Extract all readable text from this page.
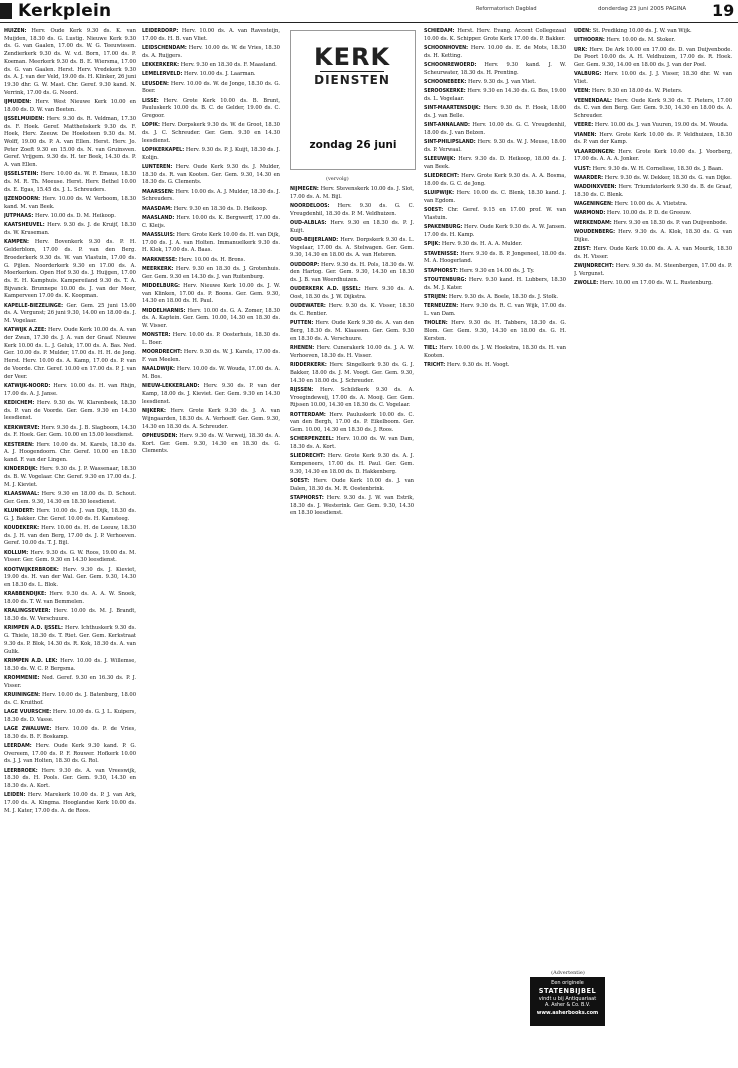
Kerkplein	Reformatorisch Dagblad	donderdag 23 juni 2005 PAGINA 19

HUIZEN: Herv. Oude Kerk 9.30 ds. K. van Muijden, 18.30 ds. G. Lustig. Nieuwe Kerk 9.30 ds. G. van Gaalen, 17.00 ds. W. G. Teeuwissen. Zendierkerk 9.30 ds. W. v.d. Born, 17.00 ds. P. Koeman. Meerkerk 9.30 ds. B. E. Wiersma, 17.00 ds. G. van Gaalen. Herst. Herv. Vredekerk 9.30 ds. A. J. van der Veld, 19.00 ds. H. Klinker, 26 juni 19.30 dhr. G. W. Mast. Chr. Geref. 9.30 kand. N. Verrink, 17.00 ds. G. Noord.

IJMUIDEN: Herv. West Nieuwe Kerk 10.00 en 18.00 ds. D. W. van Beeten.

IJSSELMUIDEN: Herv. 9.30 ds. R. Veldman, 17.30 ds. F. Hoek. Geref. Mattheüskerk 9.30 ds. F. Hoek, Herv. Zeeuw. De Hoeksteen 9.30 ds. M. Wolff, 19.00 ds. P. A. van Ellen. Herst. Herv. Jo. Peter Zoeft 9.30 en 15.00 ds. N. van Gruinsven. Geref. Vrijgem. 9.30 ds. H. ter Beek, 14.30 ds. P. A. van Ellen.

IJSSELSTEIN: Herv. 10.00 ds. W. F. Emaus, 18.30 ds. M. R. Th. Meeuse. Herst. Herv. Bethel 10.00 ds. E. Egas, 15.45 ds. J. L. Schreuders.

IJZENDOORN: Herv. 10.00 ds. W. Verboom, 18.30 kand. M. van Beek.

JUTPHAAS: Herv. 10.00 ds. D. M. Heikoop.

KAATSHEUVEL: Herv. 9.30 ds. J. de Kruijf, 18.30 ds. W. Kruseman.

KAMPEN: Herv. Bovenkerk 9.30 ds. P. H. Gelderblom, 17.00 ds. P. van den Berg. Broederkerk 9.30 ds. W. van Vlastuin, 17.00 ds. G. Pijlen. Noorderkerk 9.30 en 17.00 ds. A. Moerkerken. Open Hof 9.30 ds. J. Huijgen, 17.00 ds. E. H. Kamphuis. Kampereiland 9.30 ds. T. A. Bijvanck. Brunnepe 10.00 ds. J. van der Meer, Kamperveen 17.00 ds. K. Koopman.

KAPELLE-BIEZELINGE: Ger. Gem. 25 juni 15.00 ds. A. Vergunst; 26 juni 9.30, 14.00 en 18.00 ds. J. M. Vogelaar.

KATWIJK A.ZEE: Herv. Oude Kerk 10.00 ds. A. van der Zwan, 17.30 ds. J. A. van der Graaf. Nieuwe Kerk 10.00 ds. L. J. Geluk, 17.00 ds. A. Bas. Ned. Ger. 10.00 ds. P. Mulder, 17.00 ds. H. H. de Jong. Herst. Herv. 10.00 ds. A. Kamp, 17.00 ds. P. van de Voorde. Chr. Geref. 10.00 en 17.00 ds. P. J. van der Veer.

KATWIJK-NOORD: Herv. 10.00 ds. H. van Rhijn, 17.00 ds. A. J. Janse.

KEDICHEM: Herv. 9.30 ds. W. Klarenbeek, 18.30 ds. P. van de Voorde. Ger. Gem. 9.30 en 14.30 leesdienst.

KERKWERVE: Herv. 9.30 ds. J. B. Slagboom, 14.30 ds. F. Hoek. Ger. Gem. 10.00 en 15.00 leesdienst.

KESTEREN: Herv. 10.00 ds. M. Karels, 18.30 ds. A. J. Hoogendoorn. Chr. Geref. 10.00 en 18.30 kand. F. van der Lingen.

KINDERDIJK: Herv. 9.30 ds. J. P. Wassenaar, 18.30 ds. B. W. Vogelaar. Chr. Geref. 9.30 en 17.00 ds. J. M. J. Kieviet.

KLAASWAAL: Herv. 9.30 en 18.00 ds. D. Schout. Ger. Gem. 9.30, 14.30 en 18.30 leesdienst.

KLUNDERT: Herv. 10.00 ds. J. van Dijk, 18.30 ds. G. J. Bakker. Chr. Geref. 10.00 ds. H. Kamsteeg.

KOUDEKERK: Herv. 10.00 ds. H. de Leeuw, 18.30 ds. J. H. van den Berg, 17.00 ds. J. P. Verhoeven. Geref. 10.00 ds. T. J. Bijl.

KOLLUM: Herv. 9.30 ds. G. W. Roos, 19.00 ds. M. Visser. Ger. Gem. 9.30 en 14.30 leesdienst.

KOOTWIJKERBROEK: Herv. 9.30 ds. J. Kieviet, 19.00 ds. H. van der Wal. Ger. Gem. 9.30, 14.30 en 18.30 ds. L. Blok.

KRABBENDIJKE: Herv. 9.30 ds. A. A. W. Snoek, 18.00 ds. T. W. van Bemmelen.

KRALINGSEVEER: Herv. 10.00 ds. M. J. Brandt, 18.30 ds. W. Verschuure.

KRIMPEN A.D. IJSSEL: Herv. Ichthuskerk 9.30 ds. G. Thiele, 18.30 ds. T. Riet. Ger. Gem. Kerkstraat 9.30 ds. P. Blok, 14.30 ds. R. Kok, 18.30 ds. A. van Gulik.

KRIMPEN A.D. LEK: Herv. 10.00 ds. J. Willemse, 18.30 ds. W. C. P. Bergsma.

KROMMENIE: Ned. Geref. 9.30 en 16.30 ds. P. J. Visser.

KRUININGEN: Herv. 10.00 ds. J. Batenburg, 18.00 ds. C. Kruithof.

LAGE VUURSCHE: Herv. 10.00 ds. G. J. L. Kuipers, 18.30 ds. D. Vasse.

LAGE ZWALUWE: Herv. 10.00 ds. P. de Vries, 18.30 ds. B. F. Boskamp.

LEERDAM: Herv. Oude Kerk 9.30 kand. P. G. Overeem, 17.00 ds. P. F. Rouwer. Hofkerk 10.00 ds. J. J. van Holten, 18.30 ds. G. Rol.

LEERBROEK: Herv. 9.30 ds. A. van Vreeswijk, 18.30 ds. H. Pools. Ger. Gem. 9.30, 14.30 en 18.30 ds. A. Kort.

LEIDEN: Herv. Marekerk 10.00 ds. P. J. van Ark, 17.00 ds. A. Kingma. Hooglandse Kerk 10.00 ds. M. J. Kater, 17.00 ds. A. de Roos.

LEIDERDORP: Herv. 10.00 ds. A. van Ravesteijn, 17.00 ds. H. B. van Vliet.

LEIDSCHENDAM: Herv. 10.00 ds. W. de Vries, 18.30 ds. A. Ruijgers.

LEKKERKERK: Herv. 9.30 en 18.30 ds. F. Maasland.

LEMELERVELD: Herv. 10.00 ds. J. Laarman.

LEUSDEN: Herv. 10.00 ds. W. de Jonge, 18.30 ds. G. Boer.

LISSE: Herv. Grote Kerk 10.00 ds. B. Brunt, Pauluskerk 10.00 ds. B. C. de Gelder, 19.00 ds. C. Gregoor.

LOPIK: Herv. Dorpskerk 9.30 ds. W. de Groot, 18.30 ds. J. C. Schreuder. Ger. Gem. 9.30 en 14.30 leesdienst.

LOPIKERKAPEL: Herv. 9.30 ds. P. J. Kuijt, 18.30 ds. J. Kolijn.

LUNTEREN: Herv. Oude Kerk 9.30 ds. J. Mulder, 18.30 ds. R. van Kooten. Ger. Gem. 9.30, 14.30 en 18.30 ds. G. Clements.

MAARSSEN: Herv. 10.00 ds. A. J. Mulder, 18.30 ds. J. Schreuders.

MAASDAM: Herv. 9.30 en 18.30 ds. D. Heikoop.

MAASLAND: Herv. 10.00 ds. K. Bergwerff, 17.00 ds. C. Kleijs.

MAASSLUIS: Herv. Grote Kerk 10.00 ds. H. van Dijk, 17.00 ds. J. A. van Holten. Immanuelkerk 9.30 ds. H. Klok, 17.00 ds. A. Baas.

MARKNESSE: Herv. 10.00 ds. H. Brons.

MEERKERK: Herv. 9.30 en 18.30 ds. J. Grotenhuis. Ger. Gem. 9.30 en 14.30 ds. J. van Ruitenburg.

MIDDELBURG: Herv. Nieuwe Kerk 10.00 ds. J. W. van Klinken, 17.00 ds. P. Boons. Ger. Gem. 9.30, 14.30 en 18.00 ds. H. Paul.

MIDDELHARNIS: Herv. 10.00 ds. G. A. Zomer, 18.30 ds. A. Kaptein. Ger. Gem. 10.00, 14.30 en 18.30 ds. W. Visser.

MONSTER: Herv. 10.00 ds. P. Oosterhuis, 18.30 ds. L. Boer.

MOORDRECHT: Herv. 9.30 ds. W. J. Karels, 17.00 ds. F. van Meelen.

NAALDWIJK: Herv. 10.00 ds. W. Wouda, 17.00 ds. A. M. Bos.

NIEUW-LEKKERLAND: Herv. 9.30 ds. P. van der Kamp, 18.00 ds. J. Kieviet. Ger. Gem. 9.30 en 14.30 leesdienst.

NIJKERK: Herv. Grote Kerk 9.30 ds. J. A. van Wijngaarden, 18.30 ds. A. Verhoeff. Ger. Gem. 9.30, 14.30 en 18.30 ds. A. Schreuder.

OPHEUSDEN: Herv. 9.30 ds. W. Verweij, 18.30 ds. A. Kort. Ger. Gem. 9.30, 14.30 en 18.30 ds. G. Clements.

NIJMEGEN: Herv. Stevenskerk 10.00 ds. J. Slot, 17.00 ds. A. M. Bijl.

NOORDELOOS: Herv. 9.30 ds. G. C. Vreugdenhil, 18.30 ds. P. M. Veldhuizen.

OUD-ALBLAS: Herv. 9.30 en 18.30 ds. P. J. Kuijt.

OUD-BEIJERLAND: Herv. Dorpskerk 9.30 ds. L. Vogelaar, 17.00 ds. A. Stelwagen. Ger. Gem. 9.30, 14.30 en 18.00 ds. A. van Heteren.

OUDDORP: Herv. 9.30 ds. H. Pols, 18.30 ds. W. den Hartog. Ger. Gem. 9.30, 14.30 en 18.30 ds. J. B. van Weerdhuizen.

OUDERKERK A.D. IJSSEL: Herv. 9.30 ds. A. Oost, 18.30 ds. J. W. Dijkstra.

OUDEWATER: Herv. 9.30 ds. K. Visser, 18.30 ds. C. Rentier.

PUTTEN: Herv. Oude Kerk 9.30 ds. A. van den Berg, 18.30 ds. M. Klaassen. Ger. Gem. 9.30 en 18.30 ds. A. Verschuure.

RHENEN: Herv. Cunerakerk 10.00 ds. J. A. W. Verhoeven, 18.30 ds. H. Visser.

RIDDERKERK: Herv. Singelkerk 9.30 ds. G. J. Bakker, 18.00 ds. J. M. Voogt. Ger. Gem. 9.30, 14.30 en 18.00 ds. J. Schreuder.

RIJSSEN: Herv. Schildkerk 9.30 ds. A. Vroegindeweij, 17.00 ds. A. Mooij. Ger. Gem. Rijssen 10.00, 14.30 en 18.30 ds. C. Vogelaar.

ROTTERDAM: Herv. Pauluskerk 10.00 ds. C. van den Bergh, 17.00 ds. P. Eikelboom. Ger. Gem. 10.00, 14.30 en 18.30 ds. J. Roos.

SCHERPENZEEL: Herv. 10.00 ds. W. van Dam, 18.30 ds. A. Kort.

SLIEDRECHT: Herv. Grote Kerk 9.30 ds. A. J. Kempeneers, 17.00 ds. H. Paul. Ger. Gem. 9.30, 14.30 en 18.00 ds. D. Hakkenberg.

SOEST: Herv. Oude Kerk 10.00 ds. J. van Dalen, 18.30 ds. M. R. Oostenbrink.

STAPHORST: Herv. 9.30 ds. J. W. van Estrik, 18.30 ds. J. Westerink. Ger. Gem. 9.30, 14.30 en 18.30 leesdienst.

SCHIEDAM: Herst. Herv. Evang. Accent Collegezaal 10.00 ds. K. Schipper. Grote Kerk 17.00 ds. P. Bakker.

SCHOONHOVEN: Herv. 10.00 ds. E. de Mots, 18.30 ds. H. Ketting.

SCHOONREWOERD: Herv. 9.30 kand. J. W. Scheurwater, 18.30 ds. H. Prenting.

SCHOONEBEEK: Herv. 9.30 ds. J. van Vliet.

SEROOSKERKE: Herv. 9.30 en 14.30 ds. G. Bos, 19.00 ds. L. Vogelaar.

SINT-MAARTENSDIJK: Herv. 9.30 ds. F. Hoek, 18.00 ds. J. van Belle.

SINT-ANNALAND: Herv. 10.00 ds. G. C. Vreugdenhil, 18.00 ds. J. van Belzen.

SINT-PHILIPSLAND: Herv. 9.30 ds. W. J. Meuse, 18.00 ds. P. Verwaal.

SLEEUWIJK: Herv. 9.30 ds. D. Heikoop, 18.00 ds. J. van Beek.

SLIEDRECHT: Herv. Grote Kerk 9.30 ds. A. A. Bosma, 18.00 ds. G. C. de Jong.

SLUIPWIJK: Herv. 10.00 ds. C. Blenk, 18.30 kand. J. van Egdom.

SOEST: Chr. Geref. 9.15 en 17.00 prof. W. van Vlastuin.

SPAKENBURG: Herv. Oude Kerk 9.30 ds. A. W. Jansen. 17.00 ds. H. Kamp.

SPIJK: Herv. 9.30 ds. H. A. A. Mulder.

STAVENISSE: Herv. 9.30 ds. B. P. Jongeneel, 18.00 ds. M. A. Hoogerland.

STAPHORST: Herv. 9.30 en 14.00 ds. J. Ty.

STOUTENBURG: Herv. 9.30 kand. H. Lubbers, 18.30 ds. M. J. Kater.

STRIJEN: Herv. 9.30 ds. A. Boele, 18.30 ds. J. Stolk.

TERNEUZEN: Herv. 9.30 ds. R. C. van Wijk, 17.00 ds. L. van Dam.

THOLEN: Herv. 9.30 ds. H. Tabbers, 18.30 ds. G. Blom. Ger. Gem. 9.30, 14.30 en 18.00 ds. G. H. Kersten.

TIEL: Herv. 10.00 ds. J. W. Hoekstra, 18.30 ds. H. van Kooten.

TRICHT: Herv. 9.30 ds. H. Voogt.

UDEN: St. Prediking 10.00 ds. J. W. van Wijk.

UITHOORN: Herv. 10.00 ds. M. Stoker.

URK: Herv. De Ark 10.00 en 17.00 ds. D. van Duijvenbode. De Poort 10.00 ds. A. H. Veldhuizen, 17.00 ds. R. Hoek. Ger. Gem. 9.30, 14.00 en 18.00 ds. J. van der Poel.

VALBURG: Herv. 10.00 ds. J. J. Visser, 18.30 dhr. W. van Vliet.

VEEN: Herv. 9.30 en 18.00 ds. W. Pieters.

VEENENDAAL: Herv. Oude Kerk 9.30 ds. T. Pieters, 17.00 ds. C. van den Berg. Ger. Gem. 9.30, 14.30 en 18.00 ds. A. Schreuder.

VEERE: Herv. 10.00 ds. J. van Vuuren, 19.00 ds. M. Wouda.

VIANEN: Herv. Grote Kerk 10.00 ds. P. Veldhuizen, 18.30 ds. P. van der Kamp.

VLAARDINGEN: Herv. Grote Kerk 10.00 ds. J. Voorberg, 17.00 ds. A. A. A. Jonker.

VLIST: Herv. 9.30 ds. W. H. Cornelisse, 18.30 ds. J. Baan.

WAARDER: Herv. 9.30 ds. W. Dekker, 18.30 ds. G. van Dijke.

WADDINXVEEN: Herv. Triumfatorkerk 9.30 ds. B. de Graaf, 18.30 ds. C. Blenk.

WAGENINGEN: Herv. 10.00 ds. A. Vlietstra.

WARMOND: Herv. 10.00 ds. P. D. de Greeuw.

WERKENDAM: Herv. 9.30 en 18.30 ds. P. van Duijvenbode.

WOUDENBERG: Herv. 9.30 ds. A. Klok, 18.30 ds. G. van Dijke.

ZEIST: Herv. Oude Kerk 10.00 ds. A. A. van Mourik, 18.30 ds. H. Visser.

ZWIJNDRECHT: Herv. 9.30 ds. M. Steenbergen, 17.00 ds. P. J. Vergunst.

ZWOLLE: Herv. 10.00 en 17.00 ds. W. L. Rustenburg.

KERK
DIENSTEN
zondag 26 juni
(vervolg)
(Advertentie)
Een originele
STATENBIJBEL
vindt u bij Antiquariaat
A. Asher & Co. B.V.
www.asherbooks.com
